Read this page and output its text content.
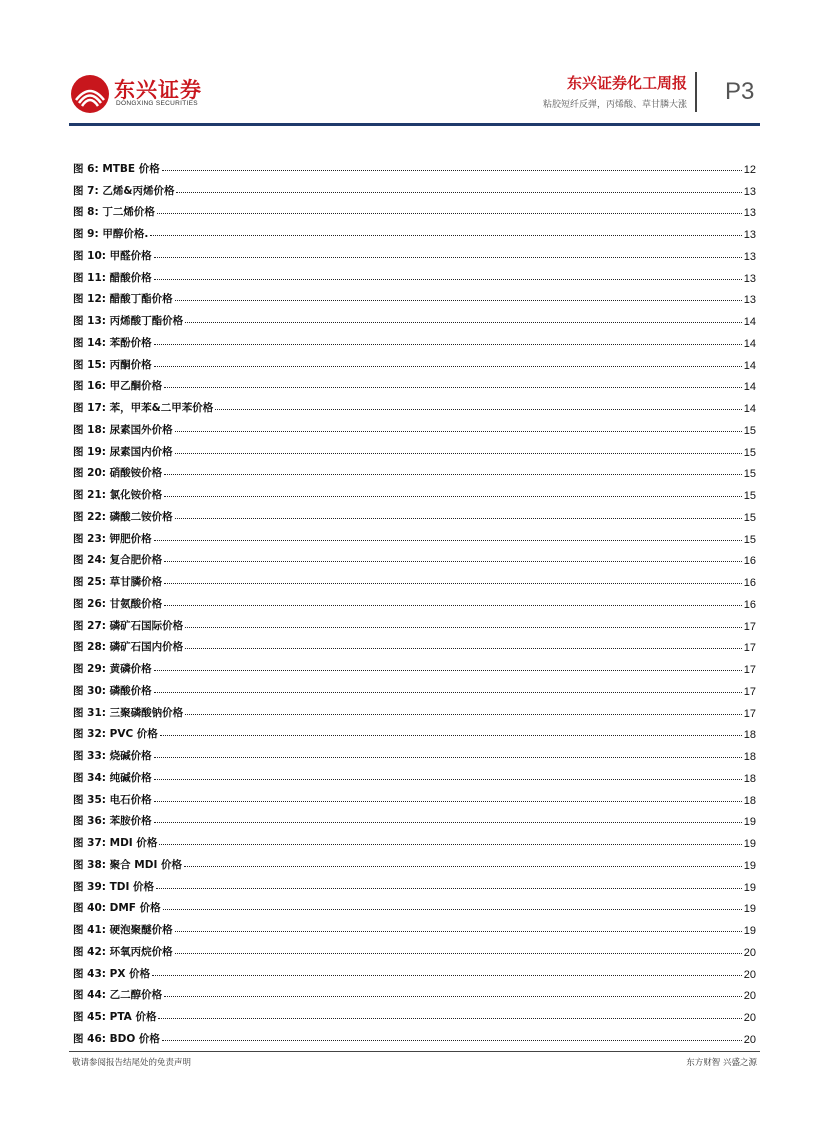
东兴证券
DONGXING SECURITIES
东兴证券化工周报
粘胶短纤反弹，丙烯酸、草甘膦大涨 P3
图 6: MTBE 价格	12
图 7: 乙烯&丙烯价格	13
图 8: 丁二烯价格	13
图 9: 甲醇价格.	13
图 10: 甲醛价格	13
图 11: 醋酸价格	13
图 12: 醋酸丁酯价格	13
图 13: 丙烯酸丁酯价格	14
图 14: 苯酚价格	14
图 15: 丙酮价格	14
图 16: 甲乙酮价格	14
图 17: 苯，甲苯&二甲苯价格	14
图 18: 尿素国外价格	15
图 19: 尿素国内价格	15
图 20: 硝酸铵价格	15
图 21: 氯化铵价格	15
图 22: 磷酸二铵价格	15
图 23: 钾肥价格	15
图 24: 复合肥价格	16
图 25: 草甘膦价格	16
图 26: 甘氨酸价格	16
图 27: 磷矿石国际价格	17
图 28: 磷矿石国内价格	17
图 29: 黄磷价格	17
图 30: 磷酸价格	17
图 31: 三聚磷酸钠价格	17
图 32: PVC 价格	18
图 33: 烧碱价格	18
图 34: 纯碱价格	18
图 35: 电石价格	18
图 36: 苯胺价格	19
图 37: MDI 价格	19
图 38: 聚合 MDI 价格	19
图 39: TDI 价格	19
图 40: DMF 价格	19
图 41: 硬泡聚醚价格	19
图 42: 环氧丙烷价格	20
图 43: PX 价格	20
图 44: 乙二醇价格	20
图 45: PTA 价格	20
图 46: BDO 价格	20
敬请参阅报告结尾处的免责声明	东方财智 兴盛之源
